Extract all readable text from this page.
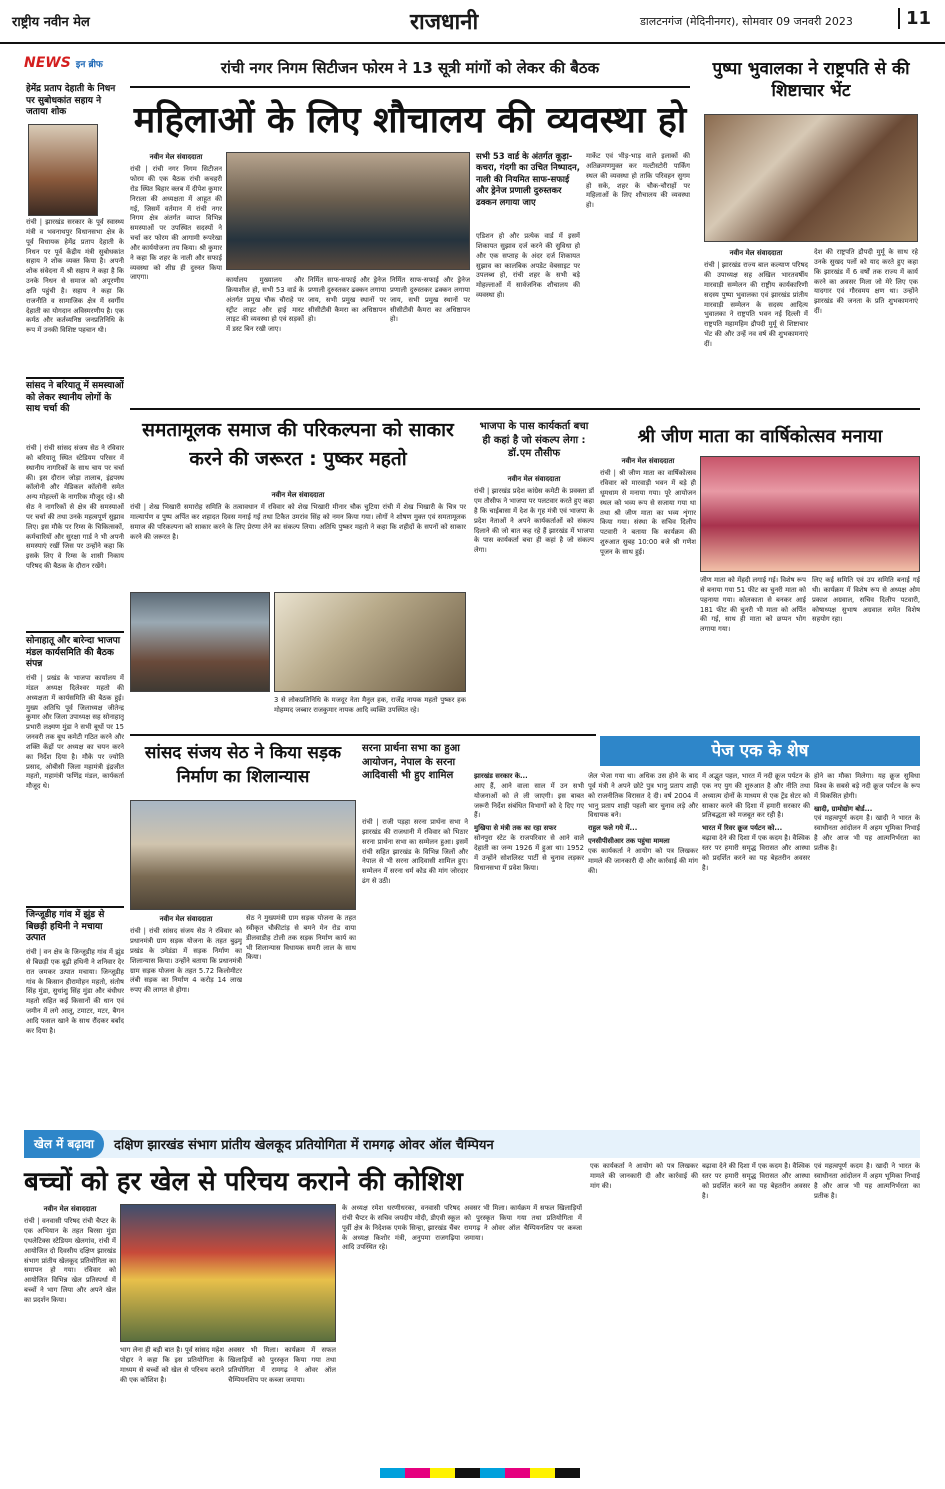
राष्ट्रीय नवीन मेल	राजधानी	डालटनगंज (मेदिनीनगर), सोमवार 09 जनवरी 2023	11
NEWS इन ब्रीफ
हेमेंद्र प्रताप देहाती के निधन पर सुबोधकांत सहाय ने जताया शोक
रांची | झारखंड सरकार के पूर्व स्वास्थ्य मंत्री व भवनाथपुर विधानसभा क्षेत्र के पूर्व विधायक हेमेंद्र प्रताप देहाती के निधन पर पूर्व केंद्रीय मंत्री सुबोधकांत सहाय ने शोक व्यक्त किया है। अपनी शोक संवेदना में श्री सहाय ने कहा है कि उनके निधन से समाज को अपूरणीय क्षति पहुंची है। सहाय ने कहा कि राजनीति व सामाजिक क्षेत्र में स्वर्गीय देहाती का योगदान अविस्मरणीय है। एक कर्मठ और कर्तव्यनिष्ठ जनप्रतिनिधि के रूप में उनकी विशिष्ट पहचान थी।
सांसद ने बरियातू में समस्याओं को लेकर स्थानीय लोगों के साथ चर्चा की
रांची | रांची सांसद संजय सेठ ने रविवार को बरियातू स्थित स्टेडियम परिसर में स्थानीय नागरिकों के साथ चाय पर चर्चा की। इस दौरान जोड़ा तालाब, इंद्रपस्थ कॉलोनी और मेडिकल कॉलोनी समेत अन्य मोहल्लों के नागरिक मौजूद रहे। श्री सेठ ने नागरिकों से क्षेत्र की समस्याओं पर चर्चा की तथा उनके महत्वपूर्ण सुझाव लिए। इस मौके पर रिम्स के चिकित्सकों, कर्मचारियों और सुरक्षा गार्ड ने भी अपनी समस्याएं रखीं जिस पर उन्होंने कहा कि इसके लिए वे रिम्स के शासी निकाय परिषद की बैठक के दौरान रखेंगे।
सोनाहातू और बारेन्दा भाजपा मंडल कार्यसमिति की बैठक संपन्न
रांची | प्रखंड के भाजपा कार्यालय में मंडल अध्यक्ष दिलेश्वर महतो की अध्यक्षता में कार्यसमिति की बैठक हुई। मुख्य अतिथि पूर्व जिलाध्यक्ष जीतेन्द्र कुमार और जिला उपाध्यक्ष सह सोनाहातू प्रभारी लक्ष्मण मुंडा ने सभी बूथों पर 15 जनवरी तक बूथ कमेटी गठित करने और शक्ति केंद्रों पर अध्यक्ष का चयन करने का निर्देश दिया है। मौके पर ज्योति प्रसाद, ओबीसी जिला महामंत्री इंद्रजीत महतो, महामंत्री फणिंद्र मंडल, कार्यकर्ता मौजूद थे।
जिन्जूडीह गांव में झुंड से बिछड़ी हथिनी ने मचाया उत्पात
रांची | वन क्षेत्र के जिन्जूडीह गांव में झुंड से बिछड़ी एक बूढ़ी हथिनी ने शनिवार देर रात जमकर उत्पात मचाया। जिन्जूडीह गांव के किसान हीरामोहन महतो, संतोष सिंह मुंडा, सुधांशु सिंह मुंडा और बंधीधर महतो सहित कई किसानों की धान एवं जमीन में लगे आलू, टमाटर, मटर, बैगन आदि फसल खाने के साथ रौंदकर बर्बाद कर दिया है।
रांची नगर निगम सिटीजन फोरम ने 13 सूत्री मांगों को लेकर की बैठक
महिलाओं के लिए शौचालय की व्यवस्था हो
नवीन मेल संवाददाता
रांची | रांची नगर निगम सिटीजन फोरम की एक बैठक रांची कचहरी रोड स्थित बिहार क्लब में दीपेश कुमार निराला की अध्यक्षता में आहूत की गई, जिसमें वर्तमान में रांची नगर निगम क्षेत्र अंतर्गत व्याप्त विभिन्न समस्याओं पर उपस्थित सदस्यों ने चर्चा कर फोरम की आगामी रूपरेखा और कार्ययोजना तय किया। श्री कुमार ने कहा कि शहर के नाली और सफाई व्यवस्था को शीघ्र ही दुरुस्त किया जाएगा।	कार्यालय मुख्यालय और क्रियाशील हो, सभी 53 वार्ड के अंतर्गत प्रमुख चौक चौराहे पर स्ट्रीट लाइट और हाई मास्ट लाइट की व्यवस्था हो एवं सड़कों में डस्ट बिन रखी जाए।
निर्मित साफ-सफाई और ड्रेनेज प्रणाली दुरुस्तकर ढक्कन लगाया जाय, सभी प्रमुख स्थानों पर सीसीटीवी कैमरा का अधिष्ठापन हो।
निर्मित साफ-सफाई और ड्रेनेज प्रणाली दुरुस्तकर ढक्कन लगाया जाय, सभी प्रमुख स्थानों पर सीसीटीवी कैमरा का अधिष्ठापन हो।
सभी 53 वार्ड के अंतर्गत कूड़ा-कचरा, गंदगी का उचित निष्पादन, नाली की नियमित साफ-सफाई और ड्रेनेज प्रणाली दुरुस्तकर ढक्कन लगाया जाए
एडिशन हो और प्रत्येक वार्ड में इसमें शिकायत सुझाव दर्ज करने की सुविधा हो और एक सप्ताह के अंदर दर्ज शिकायत सुझाव का कालबिक अपडेट वेबसाइट पर उपलब्ध हो, रांची शहर के सभी बड़े मोहल्लाओं में सार्वजनिक शौचालय की व्यवस्था हो।
मार्केट एवं भीड़-भाड़ वाले इलाकों की अतिक्रमणमुक्त कर मल्टीस्टोरी पार्किंग स्थल की व्यवस्था हो ताकि परिवहन सुगम हो सके, शहर के चौक-चौराहों पर महिलाओं के लिए शौचालय की व्यवस्था हो।
पुष्पा भुवालका ने राष्ट्रपति से की शिष्टाचार भेंट
नवीन मेल संवाददाता
रांची | झारखंड राज्य बाल कल्याण परिषद की उपाध्यक्ष सह अखिल भारतवर्षीय मारवाड़ी सम्मेलन की राष्ट्रीय कार्यकारिणी सदस्य पुष्पा भुवालका एवं झारखंड प्रांतीय मारवाड़ी सम्मेलन के सदस्य आदित्य भुवालका ने राष्ट्रपति भवन नई दिल्ली में राष्ट्रपति महामहिम द्रौपदी मुर्मू से शिष्टाचार भेंट की और उन्हें नव वर्ष की शुभकामनाएं दीं।
देश की राष्ट्रपति द्रौपदी मुर्मू के साथ रहे उनके सुखद पलों को याद करते हुए कहा कि झारखंड में 6 वर्षों तक राज्य में कार्य करने का अवसर मिला जो मेरे लिए एक यादगार एवं गौरवमय क्षण था। उन्होंने झारखंड की जनता के प्रति शुभकामनाएं दीं।
समतामूलक समाज की परिकल्पना को साकार करने की जरूरत : पुष्कर महतो
नवीन मेल संवाददाता
रांची | शेख भिखारी समारोह समिति के तत्वावधान में रविवार को शेख भिखारी मीनार चौक चुटिया रांची में शेख भिखारी के चित्र पर माल्यार्पण व पुष्प अर्पित कर शहादत दिवस मनाई गई तथा टिकैत उमरांव सिंह को नमन किया गया। लोगों ने शोषण मुक्त एवं समतामूलक समाज की परिकल्पना को साकार करने के लिए प्रेरणा लेने का संकल्प लिया। अतिथि पुष्कर महतो ने कहा कि शहीदों के सपनों को साकार करने की जरूरत है।
3 से लोकप्रतिनिधि के मजदूर नेता मैनुल हक, राजेंद्र नायक महतो पुष्कर हक मोहम्मद जब्बार राजकुमार नायक आदि व्यक्ति उपस्थित रहे।
भाजपा के पास कार्यकर्ता बचा ही कहां है जो संकल्प लेगा : डॉ.एम तौसीफ
नवीन मेल संवाददाता
रांची | झारखंड प्रदेश कांग्रेस कमेटी के प्रवक्ता डॉ एम तौसीफ ने भाजपा पर पलटवार करते हुए कहा है कि चाईबासा में देश के गृह मंत्री एवं भाजपा के प्रदेश नेताओं ने अपने कार्यकर्ताओं को संकल्प दिलाने की जो बात कह रहे हैं झारखंड में भाजपा के पास कार्यकर्ता बचा ही कहां है जो संकल्प लेगा।
श्री जीण माता का वार्षिकोत्सव मनाया
नवीन मेल संवाददाता
रांची | श्री जीण माता का वार्षिकोत्सव रविवार को मारवाड़ी भवन में बड़े ही धूमधाम से मनाया गया। पूरे आयोजन स्थल को भव्य रूप से सजाया गया था तथा श्री जीण माता का भव्य शृंगार किया गया। संस्था के सचिव दिलीप पटवारी ने बताया कि कार्यक्रम की शुरुआत सुबह 10:00 बजे श्री गणेश पूजन के साथ हुई।
जीण माता को मेंहदी लगाई गई। विशेष रूप से बनाया गया 51 फीट का चुनरी माता को पहनाया गया। कोलकाता से बनकर आई 181 फीट की चुनरी भी माता को अर्पित की गई, साथ ही माता को छप्पन भोग लगाया गया।
लिए कई समिति एवं उप समिति बनाई गई थी। कार्यक्रम में विशेष रूप से अध्यक्ष ओम प्रकाश अग्रवाल, सचिव दिलीप पटवारी, कोषाध्यक्ष सुभाष अग्रवाल समेत विशेष सहयोग रहा।
पेज एक के शेष
सांसद संजय सेठ ने किया सड़क निर्माण का शिलान्यास
नवीन मेल संवाददाता
रांची | रांची सांसद संजय सेठ ने रविवार को प्रधानमंत्री ग्राम सड़क योजना के तहत बुढ़मू प्रखंड के उमेडंडा में सड़क निर्माण का शिलान्यास किया। उन्होंने बताया कि प्रधानमंत्री ग्राम सड़क योजना के तहत 5.72 किलोमीटर लंबी सड़क का निर्माण 4 करोड़ 14 लाख रुपए की लागत से होगा।
सेठ ने मुख्यमंत्री ग्राम सड़क योजना के तहत स्वीकृत चौकीटांड़ से बमने मेन रोड वाया डीलवाडीह टोली तक सड़क निर्माण कार्य का भी शिलान्यास विधायक समरी लाल के साथ किया।
सरना प्रार्थना सभा का हुआ आयोजन, नेपाल के सरना आदिवासी भी हुए शामिल
रांची | राजी पड़हा सरना प्रार्थना सभा ने झारखंड की राजधानी में रविवार को भिठार सरना प्रार्थना सभा का सम्मेलन हुआ। इसमें रांची सहित झारखंड के विभिन्न जिलों और नेपाल से भी सरना आदिवासी शामिल हुए। सम्मेलन में सरना धर्म कोड की मांग जोरदार ढंग से उठी।
झारखंड सरकार के...

आए हैं, आने वाला साल में उन सभी योजनाओं को ले ली जाएगी। इस बाबत जरूरी निर्देश संबंधित विभागों को दे दिए गए हैं।

मुखिया से मंत्री तक का रहा सफर

सोनपुरा स्टेट के राजपरिवार से आने वाले देहाती का जन्म 1926 में हुआ था। 1952 में उन्होंने सोशलिस्ट पार्टी से चुनाव लड़कर विधानसभा में प्रवेश किया।

जेल भेजा गया था। अधिक उस होने के बाद पूर्व मंत्री ने अपने छोटे पुत्र भानु प्रताप शाही को राजनीतिक विरासत दे दी। वर्ष 2004 में भानु प्रताप शाही पहली बार चुनाव लड़े और विधायक बने।

राहुल फले गये में...

एनसीपीसीआर तक पहुंचा मामला

एक कार्यकर्ता ने आयोग को पत्र लिखकर मामले की जानकारी दी और कार्रवाई की मांग की।

में अद्भुत पहल, भारत में नदी क्रूज पर्यटन के एक नए युग की शुरुआत है और नीति तथा अध्यात्म दोनों के माध्यम से एक ट्रेंड सेटर को साकार करने की दिशा में हमारी सरकार की प्रतिबद्धता को मजबूत कर रही है।

भारत में रिवर क्रूज पर्यटन को...

बढ़ावा देने की दिशा में एक कदम है। वैश्विक स्तर पर हमारी समृद्ध विरासत और आस्था को प्रदर्शित करने का यह बेहतरीन अवसर है।

होने का मौका मिलेगा। यह क्रूज सुविधा विश्व के सबसे बड़े नदी क्रूज पर्यटन के रूप में विकसित होगी।

खादी, ग्रामोद्योग बोर्ड...

एवं महत्वपूर्ण कदम है। खादी ने भारत के स्वाधीनता आंदोलन में अहम भूमिका निभाई है और आज भी यह आत्मनिर्भरता का प्रतीक है।

खेल में बढ़ावा	दक्षिण झारखंड संभाग प्रांतीय खेलकूद प्रतियोगिता में रामगढ़ ओवर ऑल चैम्पियन
बच्चों को हर खेल से परिचय कराने की कोशिश
नवीन मेल संवाददाता
रांची | वनवासी परिषद रांची चैप्टर के एक अभियान के तहत बिरसा मुंडा एथलेटिक्स स्टेडियम खेलगांव, रांची में आयोजित दो दिवसीय दक्षिण झारखंड संभाग प्रांतीय खेलकूद प्रतियोगिता का समापन हो गया। रविवार को आयोजित विभिन्न खेल प्रतिस्पर्धा में बच्चों ने भाग लिया और अपने खेल का प्रदर्शन किया।
भाग लेना ही बड़ी बात है। पूर्व सांसद महेश पोद्दार ने कहा कि इस प्रतियोगिता के माध्यम से बच्चों को खेल से परिचय कराने की एक कोशिश है।
अवसर भी मिला। कार्यक्रम में सफल खिलाड़ियों को पुरस्कृत किया गया तथा प्रतियोगिता में रामगढ़ ने ओवर ऑल चैम्पियनशिप पर कब्जा जमाया।
के अध्यक्ष रमेश धरणीधरका, वनवासी परिषद रांची चैप्टर के सचिव जयदीप मोदी, डीएवी स्कूल पूर्वी क्षेत्र के निदेशक एमके सिन्हा, झारखंड चैंबर के अध्यक्ष किशोर मंत्री, अनुपमा राजगढ़िया आदि उपस्थित रहे।
अवसर भी मिला। कार्यक्रम में सफल खिलाड़ियों को पुरस्कृत किया गया तथा प्रतियोगिता में रामगढ़ ने ओवर ऑल चैम्पियनशिप पर कब्जा जमाया।
एक कार्यकर्ता ने आयोग को पत्र लिखकर मामले की जानकारी दी और कार्रवाई की मांग की।
बढ़ावा देने की दिशा में एक कदम है। वैश्विक स्तर पर हमारी समृद्ध विरासत और आस्था को प्रदर्शित करने का यह बेहतरीन अवसर है।
एवं महत्वपूर्ण कदम है। खादी ने भारत के स्वाधीनता आंदोलन में अहम भूमिका निभाई है और आज भी यह आत्मनिर्भरता का प्रतीक है।
